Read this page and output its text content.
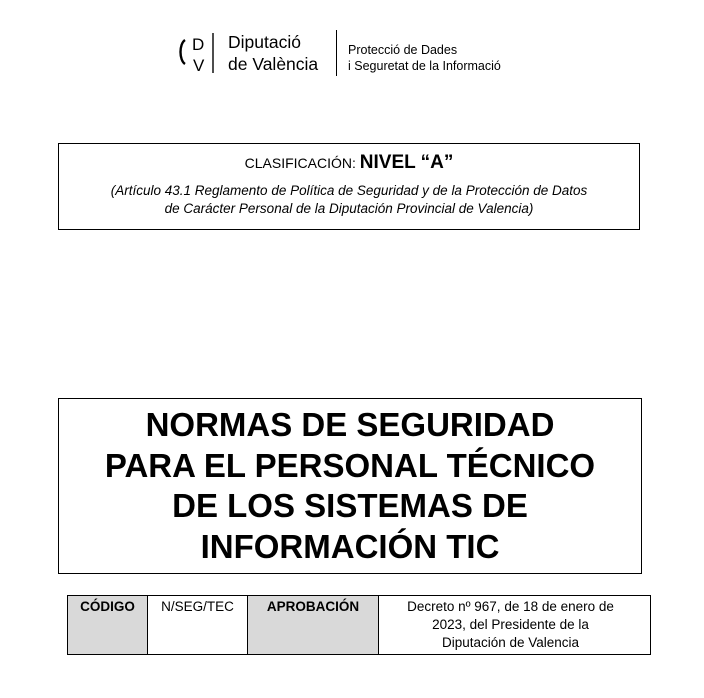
D
V
Diputació
de València
Protecció de Dades
i Seguretat de la Informació
CLASIFICACIÓN: NIVEL “A”
(Artículo 43.1 Reglamento de Política de Seguridad y de la Protección de Datos
de Carácter Personal de la Diputación Provincial de Valencia)
NORMAS DE SEGURIDAD
PARA EL PERSONAL TÉCNICO
DE LOS SISTEMAS DE
INFORMACIÓN TIC
CÓDIGO	N/SEG/TEC	APROBACIÓN	Decreto nº 967, de 18 de enero de
2023, del Presidente de la
Diputación de Valencia
